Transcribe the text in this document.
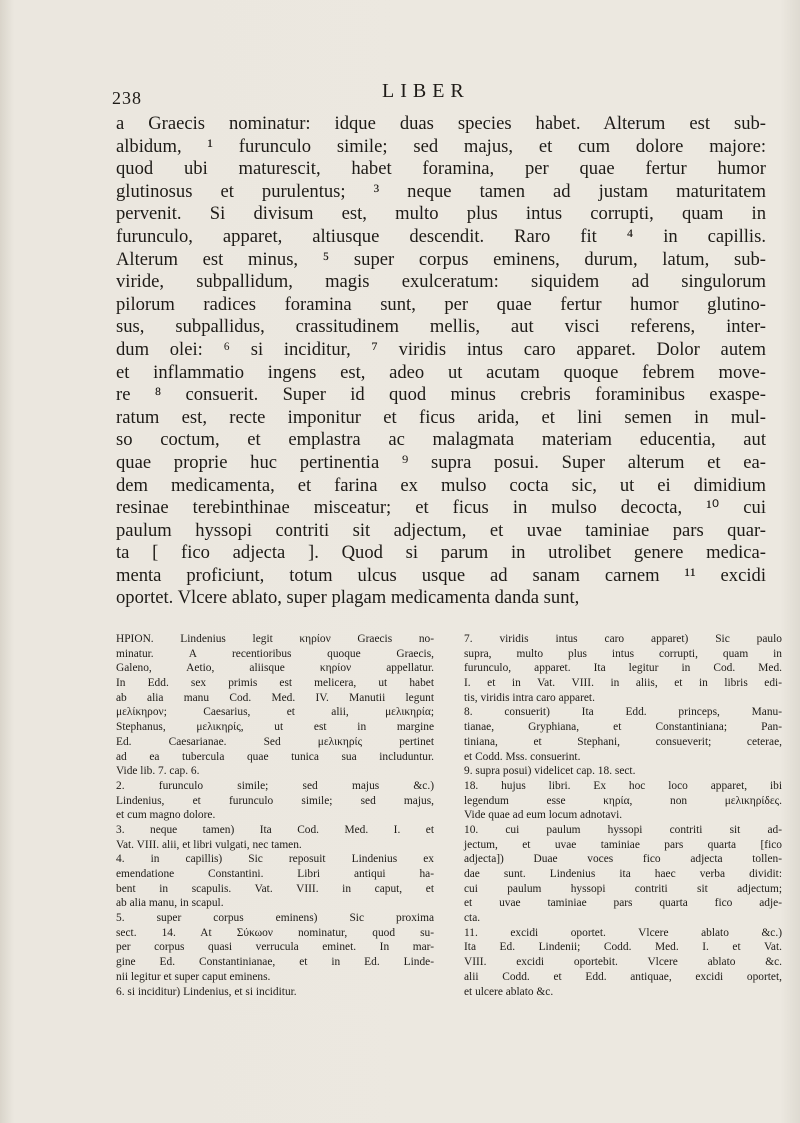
238	LIBER
a Graecis nominatur: idque duas species habet. Alterum est sub-
albidum, ¹ furunculo simile; sed majus, et cum dolore majore:
quod ubi maturescit, habet foramina, per quae fertur humor
glutinosus et purulentus; ³ neque tamen ad justam maturitatem
pervenit. Si divisum est, multo plus intus corrupti, quam in
furunculo, apparet, altiusque descendit. Raro fit ⁴ in capillis.
Alterum est minus, ⁵ super corpus eminens, durum, latum, sub-
viride, subpallidum, magis exulceratum: siquidem ad singulorum
pilorum radices foramina sunt, per quae fertur humor glutino-
sus, subpallidus, crassitudinem mellis, aut visci referens, inter-
dum olei: ⁶ si inciditur, ⁷ viridis intus caro apparet. Dolor autem
et inflammatio ingens est, adeo ut acutam quoque febrem move-
re ⁸ consuerit. Super id quod minus crebris foraminibus exaspe-
ratum est, recte imponitur et ficus arida, et lini semen in mul-
so coctum, et emplastra ac malagmata materiam educentia, aut
quae proprie huc pertinentia ⁹ supra posui. Super alterum et ea-
dem medicamenta, et farina ex mulso cocta sic, ut ei dimidium
resinae terebinthinae misceatur; et ficus in mulso decocta, ¹⁰ cui
paulum hyssopi contriti sit adjectum, et uvae taminiae pars quar-
ta [ fico adjecta ]. Quod si parum in utrolibet genere medica-
menta proficiunt, totum ulcus usque ad sanam carnem ¹¹ excidi
oportet. Vlcere ablato, super plagam medicamenta danda sunt,
ΗΡΙΟΝ. Lindenius legit κηρίον Graecis no-
minatur. A recentioribus quoque Graecis,
Galeno, Aetio, aliisque κηρίον appellatur.
In Edd. sex primis est melicera, ut habet
ab alia manu Cod. Med. IV. Manutii legunt
μελίκηρον; Caesarius, et alii, μελικηρία;
Stephanus, μελικηρίς, ut est in margine
Ed. Caesarianae. Sed μελικηρίς pertinet
ad ea tubercula quae tunica sua includuntur.
Vide lib. 7. cap. 6.
2. furunculo simile; sed majus &c.)
Lindenius, et furunculo simile; sed majus,
et cum magno dolore.
3. neque tamen) Ita Cod. Med. I. et
Vat. VIII. alii, et libri vulgati, nec tamen.
4. in capillis) Sic reposuit Lindenius ex
emendatione Constantini. Libri antiqui ha-
bent in scapulis. Vat. VIII. in caput, et
ab alia manu, in scapul.
5. super corpus eminens) Sic proxima
sect. 14. At Σύκωον nominatur, quod su-
per corpus quasi verrucula eminet. In mar-
gine Ed. Constantinianae, et in Ed. Linde-
nii legitur et super caput eminens.
6. si inciditur) Lindenius, et si inciditur.
7. viridis intus caro apparet) Sic paulo
supra, multo plus intus corrupti, quam in
furunculo, apparet. Ita legitur in Cod. Med.
I. et in Vat. VIII. in aliis, et in libris edi-
tis, viridis intra caro apparet.
8. consuerit) Ita Edd. princeps, Manu-
tianae, Gryphiana, et Constantiniana; Pan-
tiniana, et Stephani, consueverit; ceterae,
et Codd. Mss. consuerint.
9. supra posui) videlicet cap. 18. sect.
18. hujus libri. Ex hoc loco apparet, ibi
legendum esse κηρία, non μελικηρίδες.
Vide quae ad eum locum adnotavi.
10. cui paulum hyssopi contriti sit ad-
jectum, et uvae taminiae pars quarta [fico
adjecta]) Duae voces fico adjecta tollen-
dae sunt. Lindenius ita haec verba dividit:
cui paulum hyssopi contriti sit adjectum;
et uvae taminiae pars quarta fico adje-
cta.
11. excidi oportet. Vlcere ablato &c.)
Ita Ed. Lindenii; Codd. Med. I. et Vat.
VIII. excidi oportebit. Vlcere ablato &c.
alii Codd. et Edd. antiquae, excidi oportet,
et ulcere ablato &c.
